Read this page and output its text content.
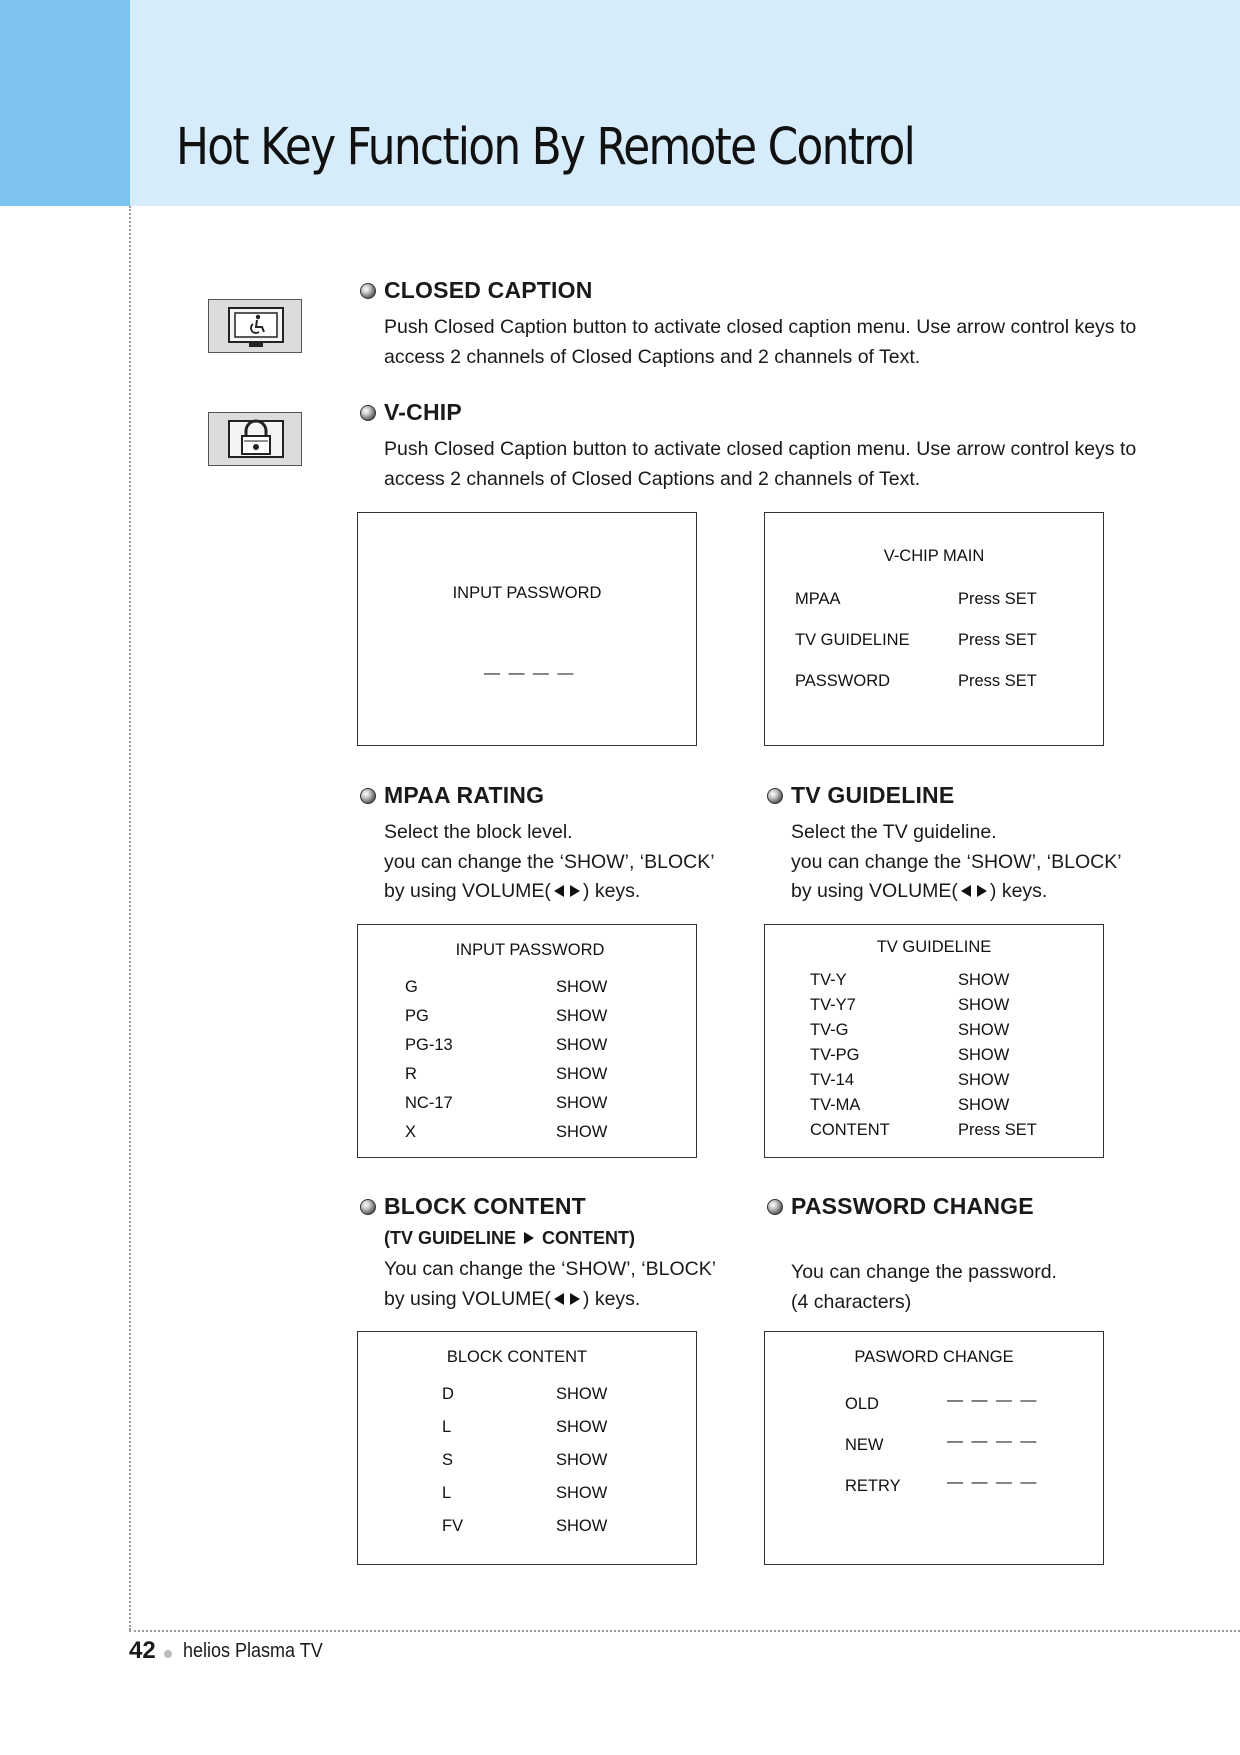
Hot Key Function By Remote Control
CLOSED CAPTION

Push Closed Caption button to activate closed caption menu. Use arrow control keys to
access 2 channels of Closed Captions and 2 channels of Text.

V-CHIP

Push Closed Caption button to activate closed caption menu. Use arrow control keys to
access 2 channels of Closed Captions and 2 channels of Text.

INPUT PASSWORD
— — — —
V-CHIP MAIN
MPAA	Press SET
TV GUIDELINE	Press SET
PASSWORD	Press SET
MPAA RATING

Select the block level.
you can change the ‘SHOW’, ‘BLOCK’
by using VOLUME( ) keys.

TV GUIDELINE

Select the TV guideline.
you can change the ‘SHOW’, ‘BLOCK’
by using VOLUME( ) keys.

INPUT PASSWORD
G	SHOW
PG	SHOW
PG-13	SHOW
R	SHOW
NC-17	SHOW
X	SHOW
TV GUIDELINE
TV-Y	SHOW
TV-Y7	SHOW
TV-G	SHOW
TV-PG	SHOW
TV-14	SHOW
TV-MA	SHOW
CONTENT	Press SET
BLOCK CONTENT
(TV GUIDELINE CONTENT)

You can change the ‘SHOW’, ‘BLOCK’
by using VOLUME( ) keys.

PASSWORD CHANGE

You can change the password.
(4 characters)

BLOCK CONTENT
D	SHOW
L	SHOW
S	SHOW
L	SHOW
FV	SHOW
PASWORD CHANGE
OLD	— — — —
NEW	— — — —
RETRY	— — — —
42 helios Plasma TV
